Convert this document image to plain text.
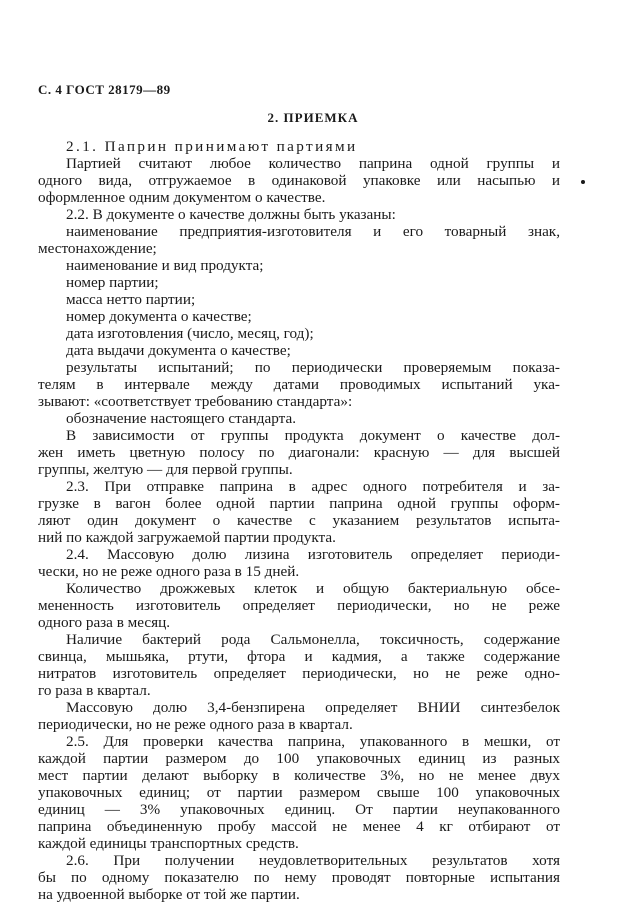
С. 4 ГОСТ 28179—89
2. ПРИЕМКА
2.1. Паприн принимают партиями
Партией считают любое количество паприна одной группы и
одного вида, отгружаемое в одинаковой упаковке или насыпью и
оформленное одним документом о качестве.
2.2. В документе о качестве должны быть указаны:
наименование предприятия-изготовителя и его товарный знак,
местонахождение;
наименование и вид продукта;
номер партии;
масса нетто партии;
номер документа о качестве;
дата изготовления (число, месяц, год);
дата выдачи документа о качестве;
результаты испытаний; по периодически проверяемым показа-
телям в интервале между датами проводимых испытаний ука-
зывают: «соответствует требованию стандарта»:
обозначение настоящего стандарта.
В зависимости от группы продукта документ о качестве дол-
жен иметь цветную полосу по диагонали: красную — для высшей
группы, желтую — для первой группы.
2.3. При отправке паприна в адрес одного потребителя и за-
грузке в вагон более одной партии паприна одной группы оформ-
ляют один документ о качестве с указанием результатов испыта-
ний по каждой загружаемой партии продукта.
2.4. Массовую долю лизина изготовитель определяет периоди-
чески, но не реже одного раза в 15 дней.
Количество дрожжевых клеток и общую бактериальную обсе-
мененность изготовитель определяет периодически, но не реже
одного раза в месяц.
Наличие бактерий рода Сальмонелла, токсичность, содержание
свинца, мышьяка, ртути, фтора и кадмия, а также содержание
нитратов изготовитель определяет периодически, но не реже одно-
го раза в квартал.
Массовую долю 3,4-бензпирена определяет ВНИИ синтезбелок
периодически, но не реже одного раза в квартал.
2.5. Для проверки качества паприна, упакованного в мешки, от
каждой партии размером до 100 упаковочных единиц из разных
мест партии делают выборку в количестве 3%, но не менее двух
упаковочных единиц; от партии размером свыше 100 упаковочных
единиц — 3% упаковочных единиц. От партии неупакованного
паприна объединенную пробу массой не менее 4 кг отбирают от
каждой единицы транспортных средств.
2.6. При получении неудовлетворительных результатов хотя
бы по одному показателю по нему проводят повторные испытания
на удвоенной выборке от той же партии.
